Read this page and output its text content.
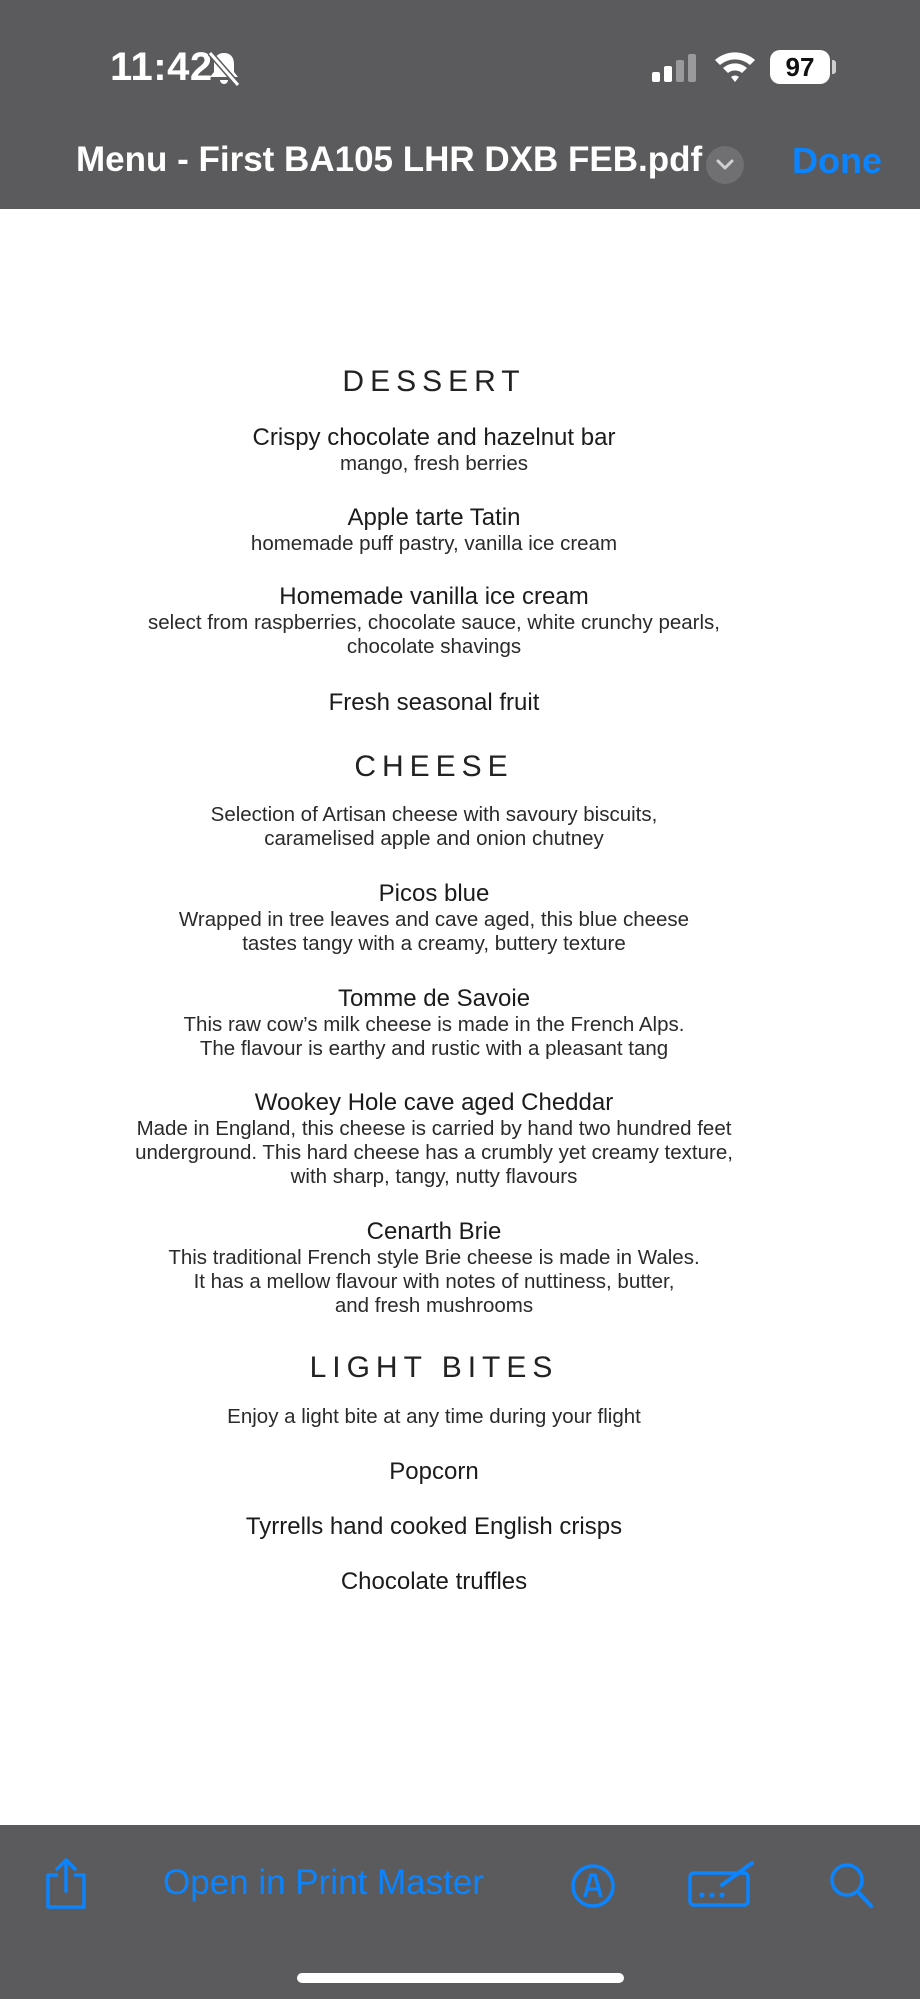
11:42	97
Menu - First BA105 LHR DXB FEB.pdf Done
DESSERT
Crispy chocolate and hazelnut bar
mango, fresh berries
Apple tarte Tatin
homemade puff pastry, vanilla ice cream
Homemade vanilla ice cream
select from raspberries, chocolate sauce, white crunchy pearls,
chocolate shavings
Fresh seasonal fruit
CHEESE
Selection of Artisan cheese with savoury biscuits,
caramelised apple and onion chutney
Picos blue
Wrapped in tree leaves and cave aged, this blue cheese
tastes tangy with a creamy, buttery texture
Tomme de Savoie
This raw cow’s milk cheese is made in the French Alps.
The flavour is earthy and rustic with a pleasant tang
Wookey Hole cave aged Cheddar
Made in England, this cheese is carried by hand two hundred feet
underground. This hard cheese has a crumbly yet creamy texture,
with sharp, tangy, nutty flavours
Cenarth Brie
This traditional French style Brie cheese is made in Wales.
It has a mellow flavour with notes of nuttiness, butter,
and fresh mushrooms
LIGHT BITES
Enjoy a light bite at any time during your flight
Popcorn
Tyrrells hand cooked English crisps
Chocolate truffles
Open in Print Master
